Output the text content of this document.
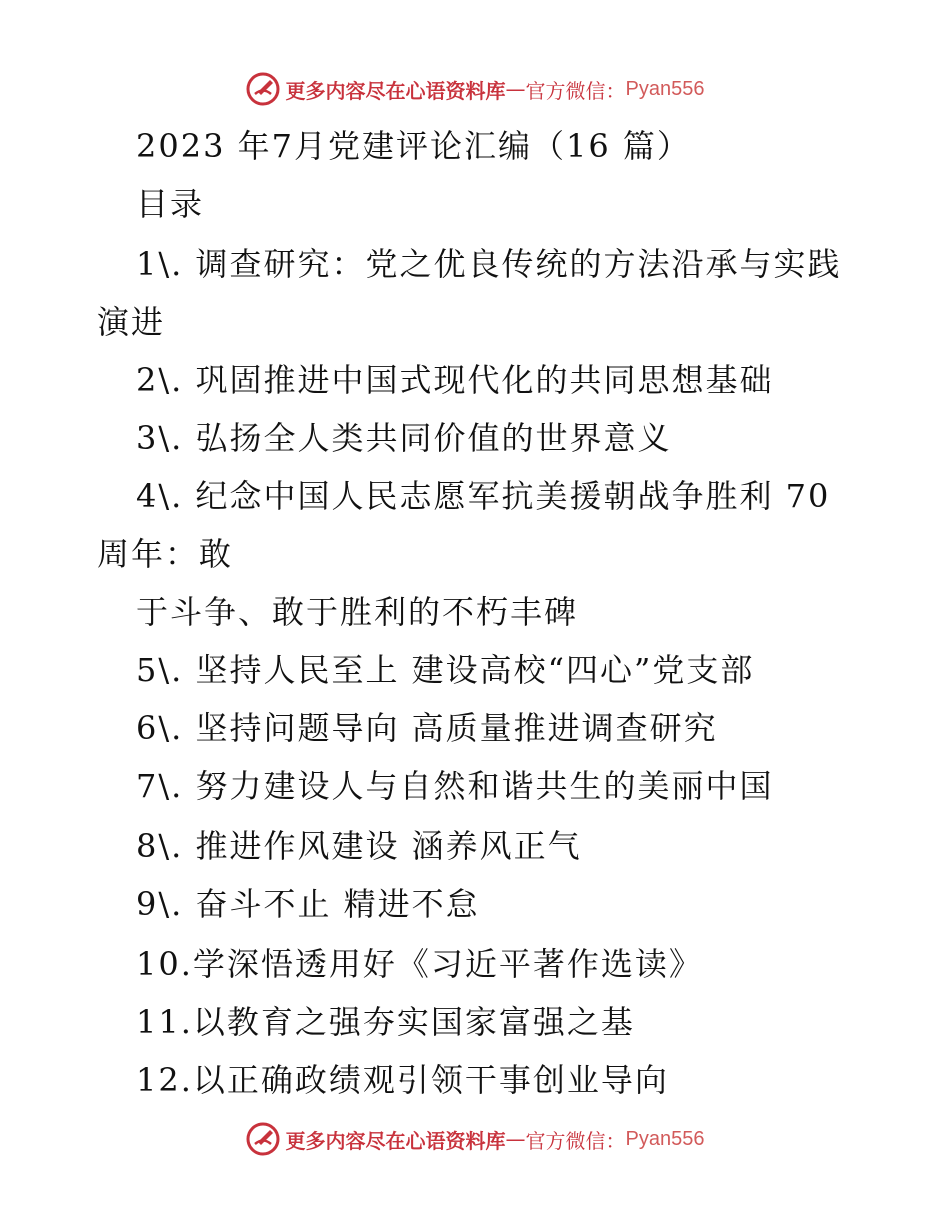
更多内容尽在心语资料库 — 官方微信： Pyan556
2023 年7月党建评论汇编（16 篇）
目录
1\. 调查研究：党之优良传统的方法沿承与实践
演进
2\. 巩固推进中国式现代化的共同思想基础
3\. 弘扬全人类共同价值的世界意义
4\. 纪念中国人民志愿军抗美援朝战争胜利 70
周年：敢
于斗争、敢于胜利的不朽丰碑
5\. 坚持人民至上 建设高校“四心”党支部
6\. 坚持问题导向 高质量推进调查研究
7\. 努力建设人与自然和谐共生的美丽中国
8\. 推进作风建设 涵养风正气
9\. 奋斗不止 精进不怠
10.学深悟透用好《习近平著作选读》
11.以教育之强夯实国家富强之基
12.以正确政绩观引领干事创业导向
更多内容尽在心语资料库 — 官方微信： Pyan556
